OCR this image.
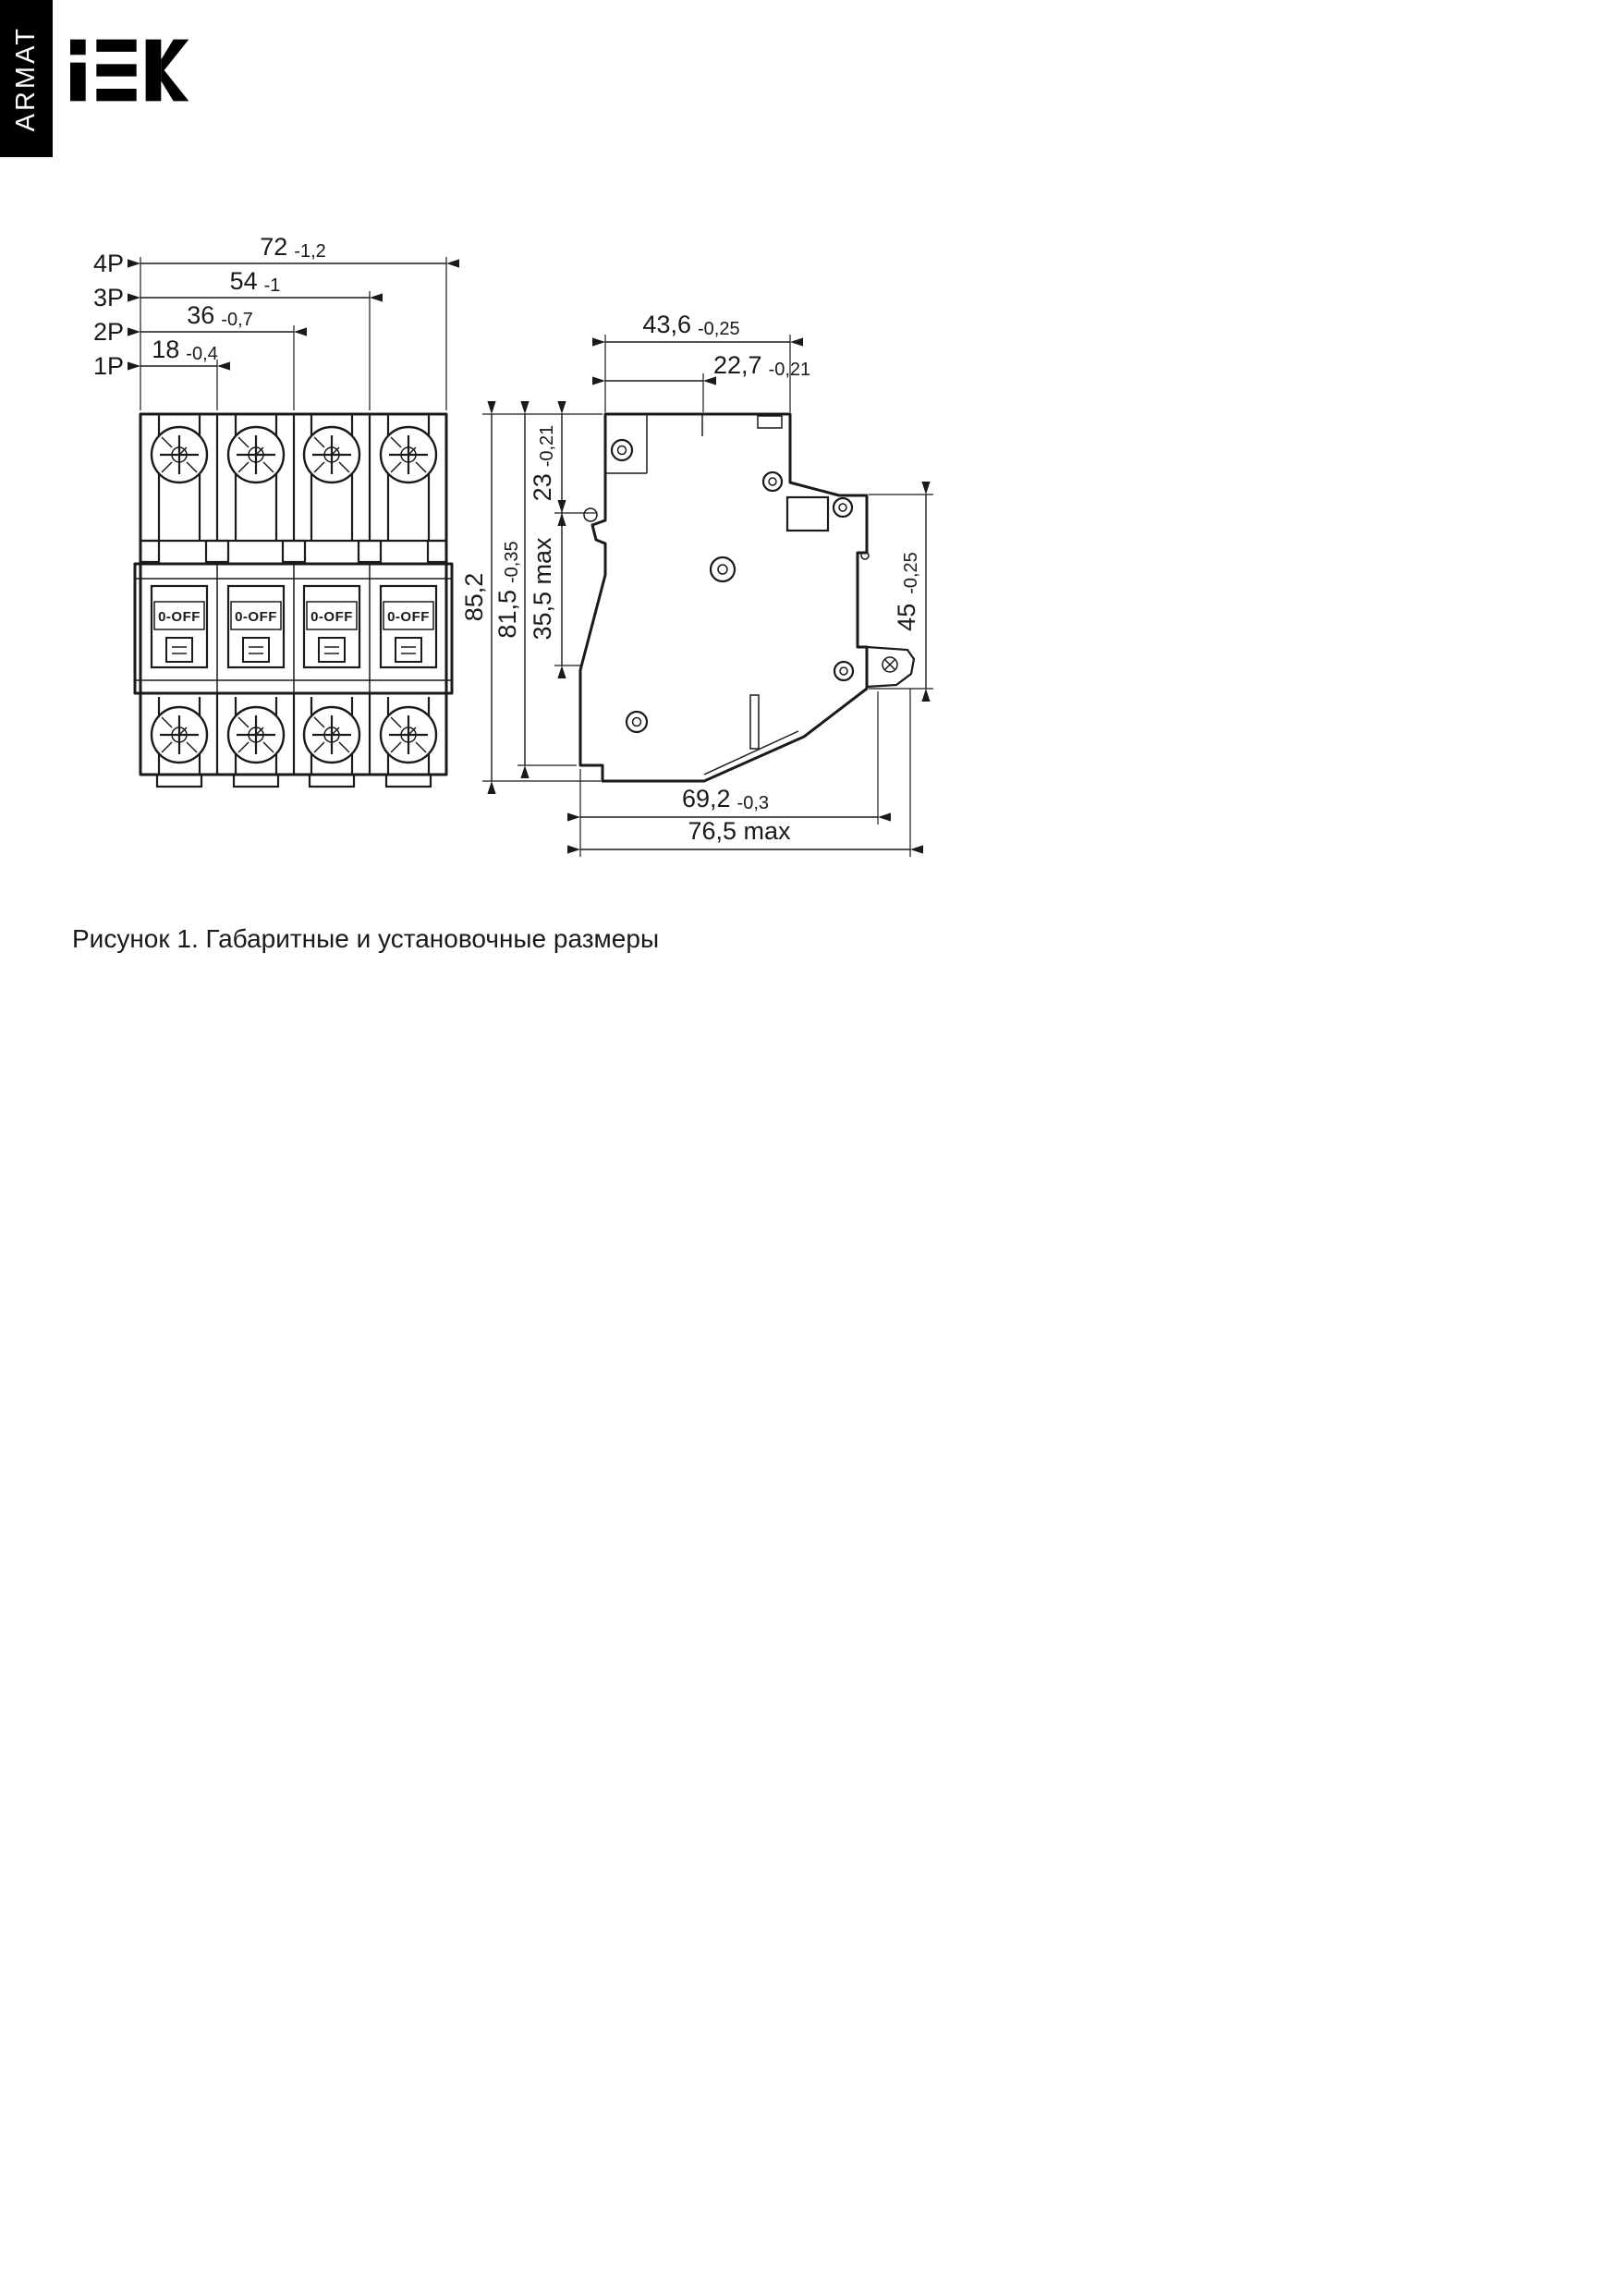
ARMAT
0-OFF 0-OFF 0-OFF 0-OFF
4P
3P
2P
1P
72 -1,2
54 -1
36 -0,7
18 -0,4
43,6 -0,25
22,7 -0,21
85,2 81,5-0,35
23-0,21
35,5 max	45-0,25
69,2 -0,3
76,5 max
Рисунок 1. Габаритные и установочные размеры
